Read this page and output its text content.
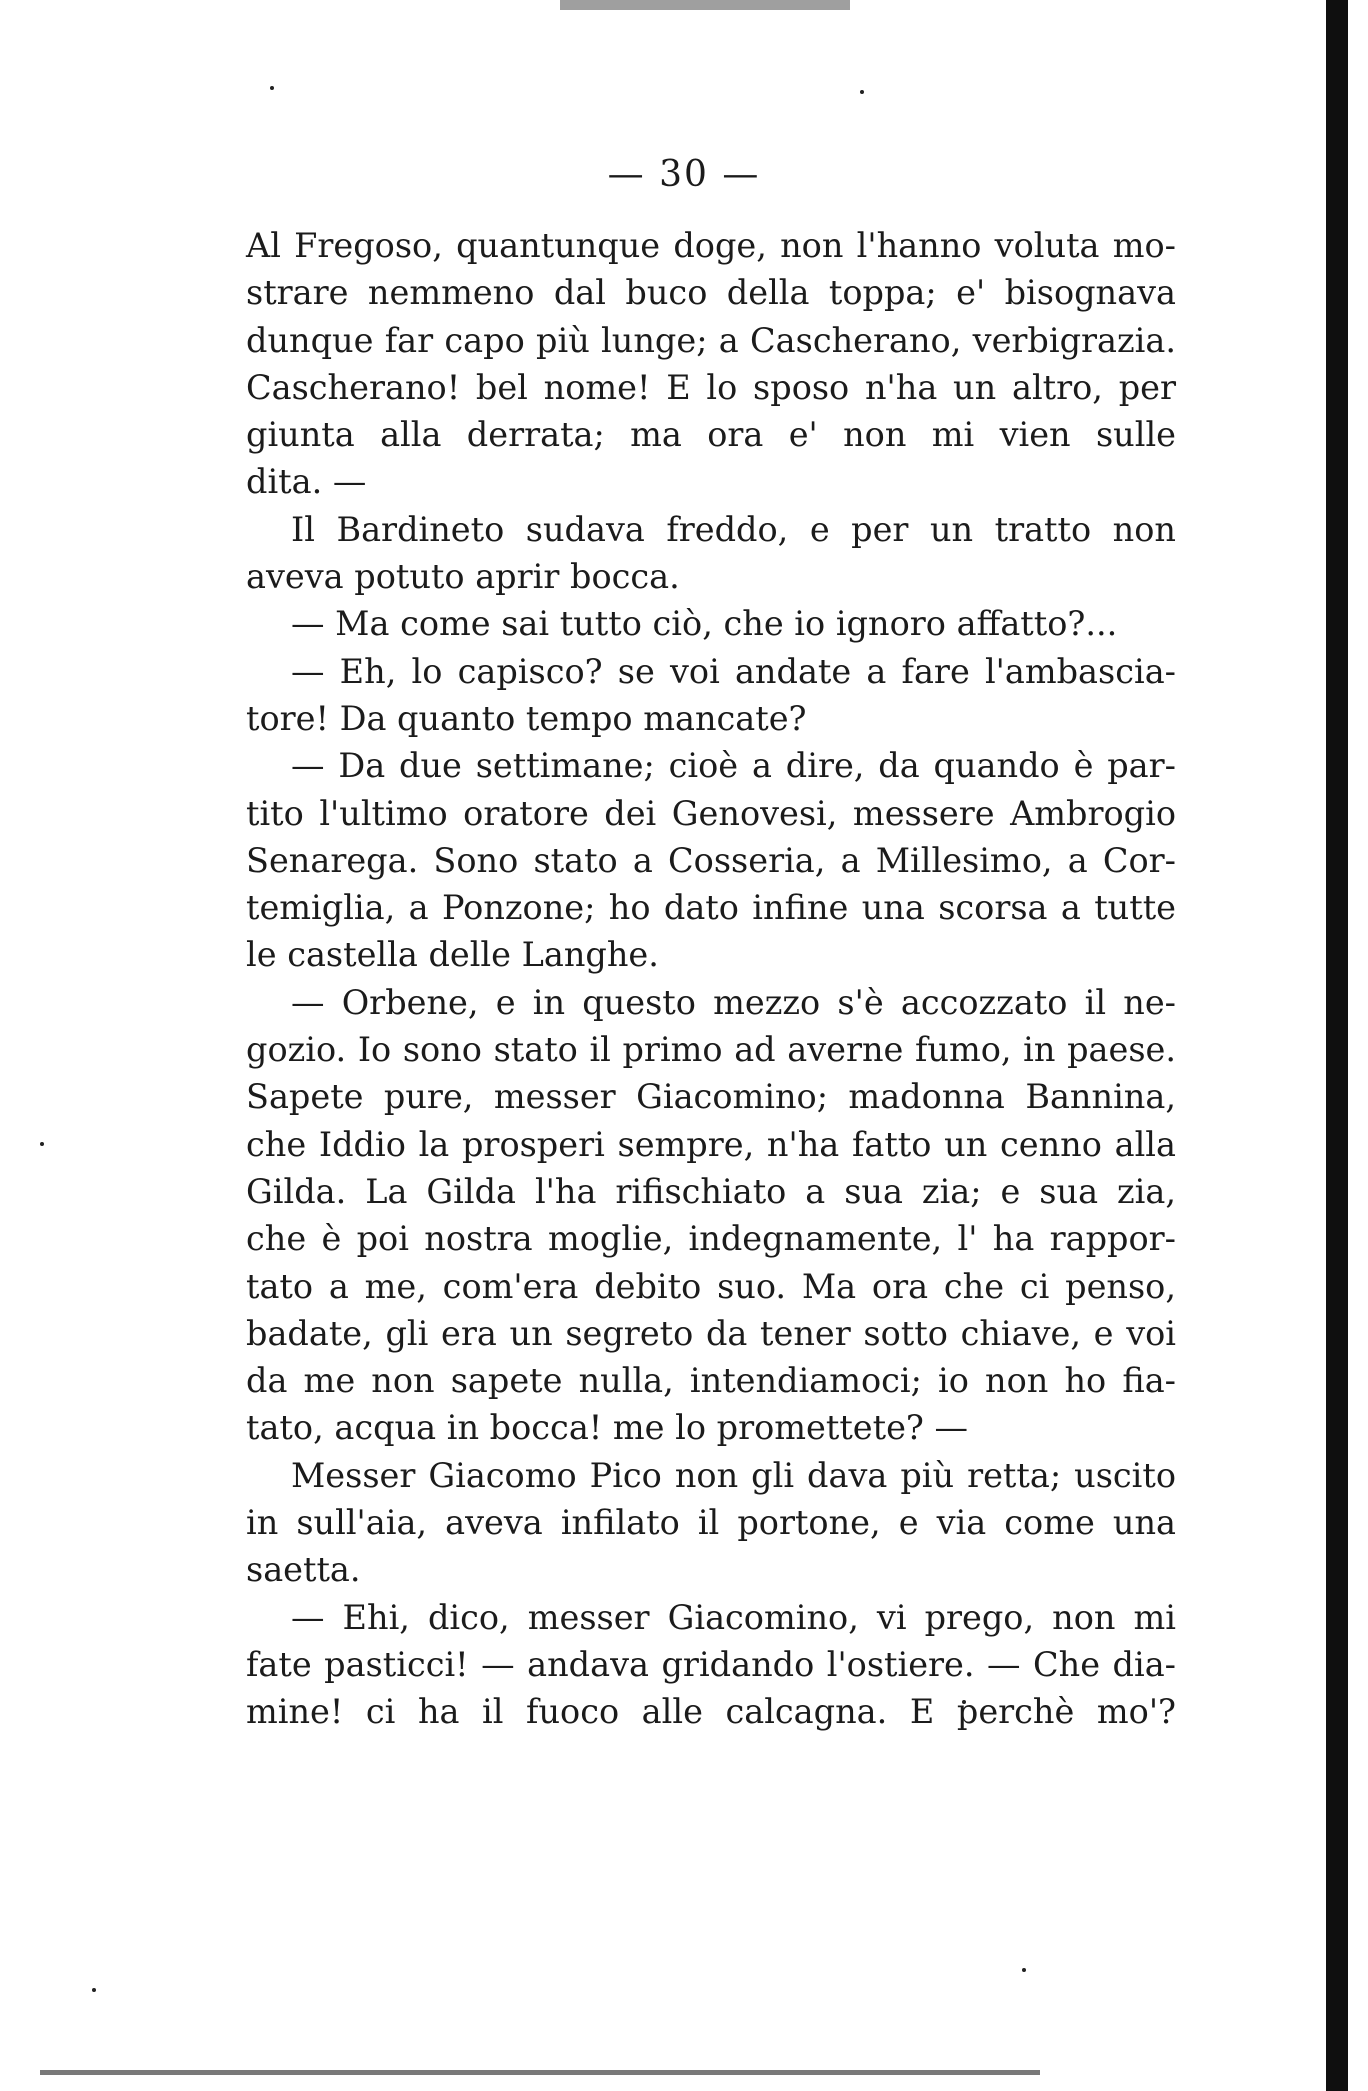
— 30 —
Al Fregoso, quantunque doge, non l'hanno voluta mo-
strare nemmeno dal buco della toppa; e' bisognava
dunque far capo più lunge; a Cascherano, verbigrazia.
Cascherano! bel nome! E lo sposo n'ha un altro, per
giunta alla derrata; ma ora e' non mi vien sulle
dita. —
Il Bardineto sudava freddo, e per un tratto non
aveva potuto aprir bocca.
— Ma come sai tutto ciò, che io ignoro affatto?...
— Eh, lo capisco? se voi andate a fare l'ambascia-
tore! Da quanto tempo mancate?
— Da due settimane; cioè a dire, da quando è par-
tito l'ultimo oratore dei Genovesi, messere Ambrogio
Senarega. Sono stato a Cosseria, a Millesimo, a Cor-
temiglia, a Ponzone; ho dato infine una scorsa a tutte
le castella delle Langhe.
— Orbene, e in questo mezzo s'è accozzato il ne-
gozio. Io sono stato il primo ad averne fumo, in paese.
Sapete pure, messer Giacomino; madonna Bannina,
che Iddio la prosperi sempre, n'ha fatto un cenno alla
Gilda. La Gilda l'ha rifischiato a sua zia; e sua zia,
che è poi nostra moglie, indegnamente, l' ha rappor-
tato a me, com'era debito suo. Ma ora che ci penso,
badate, gli era un segreto da tener sotto chiave, e voi
da me non sapete nulla, intendiamoci; io non ho fia-
tato, acqua in bocca! me lo promettete? —
Messer Giacomo Pico non gli dava più retta; uscito
in sull'aia, aveva infilato il portone, e via come una
saetta.
— Ehi, dico, messer Giacomino, vi prego, non mi
fate pasticci! — andava gridando l'ostiere. — Che dia-
mine! ci ha il fuoco alle calcagna. E perchè mo'?
